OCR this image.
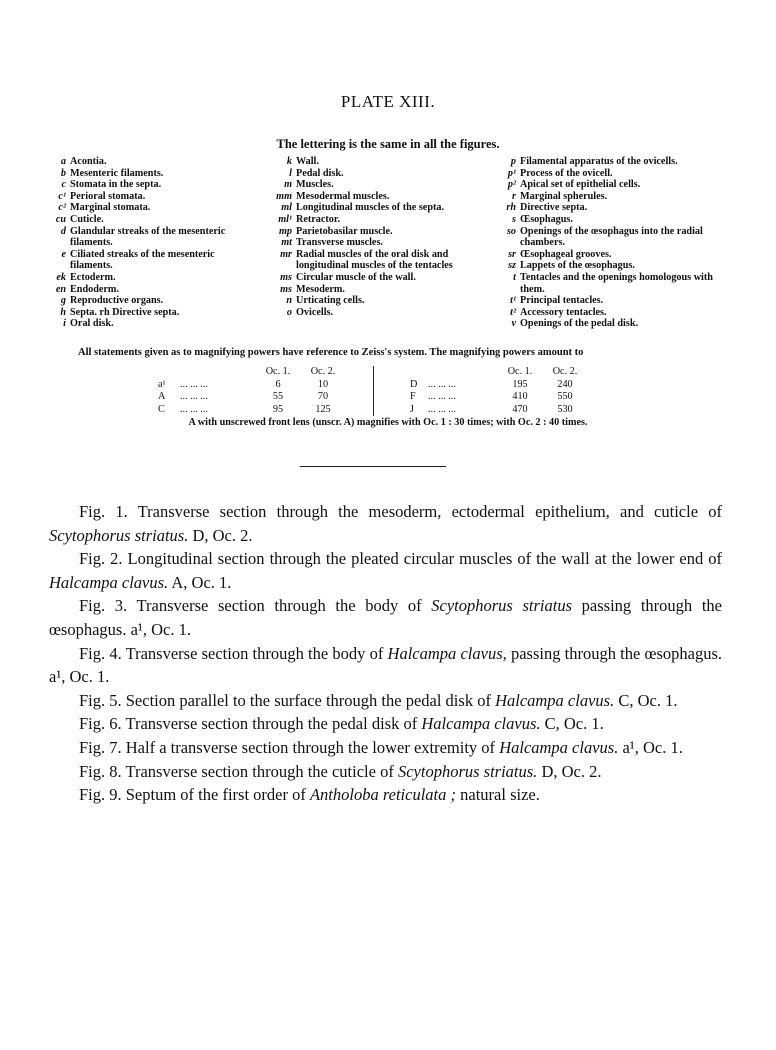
PLATE XIII.
The lettering is the same in all the figures.
a Acontia.
b Mesenteric filaments.
c Stomata in the septa.
c¹ Perioral stomata.
c² Marginal stomata.
cu Cuticle.
d Glandular streaks of the mesenteric filaments.
e Ciliated streaks of the mesenteric filaments.
ek Ectoderm.
en Endoderm.
g Reproductive organs.
h Septa. rh Directive septa.
i Oral disk.
k Wall.
l Pedal disk.
m Muscles.
mm Mesodermal muscles.
ml Longitudinal muscles of the septa.
ml¹ Retractor.
mp Parietobasilar muscle.
mt Transverse muscles.
mr Radial muscles of the oral disk and longitudinal muscles of the tentacles
ms Circular muscle of the wall.
ms Mesoderm.
n Urticating cells.
o Ovicells.
p Filamental apparatus of the ovicells.
p¹ Process of the ovicell.
p² Apical set of epithelial cells.
r Marginal spherules.
rh Directive septa.
s Œsophagus.
so Openings of the œsophagus into the radial chambers.
sr Œsophageal grooves.
sz Lappets of the œsophagus.
t Tentacles and the openings homologous with them.
t¹ Principal tentacles.
t² Accessory tentacles.
v Openings of the pedal disk.
All statements given as to magnifying powers have reference to Zeiss's system. The magnifying powers amount to
Oc. 1.	Oc. 2.
a¹	... ... ...	6	10
A	... ... ...	55	70
C	... ... ...	95	125
Oc. 1.	Oc. 2.
D	... ... ...	195	240
F	... ... ...	410	550
J	... ... ...	470	530
A with unscrewed front lens (unscr. A) magnifies with Oc. 1 : 30 times; with Oc. 2 : 40 times.
Fig. 1. Transverse section through the mesoderm, ectodermal epithelium, and cuticle of Scytophorus striatus. D, Oc. 2.
Fig. 2. Longitudinal section through the pleated circular muscles of the wall at the lower end of Halcampa clavus. A, Oc. 1.
Fig. 3. Transverse section through the body of Scytophorus striatus passing through the œsophagus. a¹, Oc. 1.
Fig. 4. Transverse section through the body of Halcampa clavus, passing through the œsophagus. a¹, Oc. 1.
Fig. 5. Section parallel to the surface through the pedal disk of Halcampa clavus. C, Oc. 1.
Fig. 6. Transverse section through the pedal disk of Halcampa clavus. C, Oc. 1.
Fig. 7. Half a transverse section through the lower extremity of Halcampa clavus. a¹, Oc. 1.
Fig. 8. Transverse section through the cuticle of Scytophorus striatus. D, Oc. 2.
Fig. 9. Septum of the first order of Antholoba reticulata ; natural size.
